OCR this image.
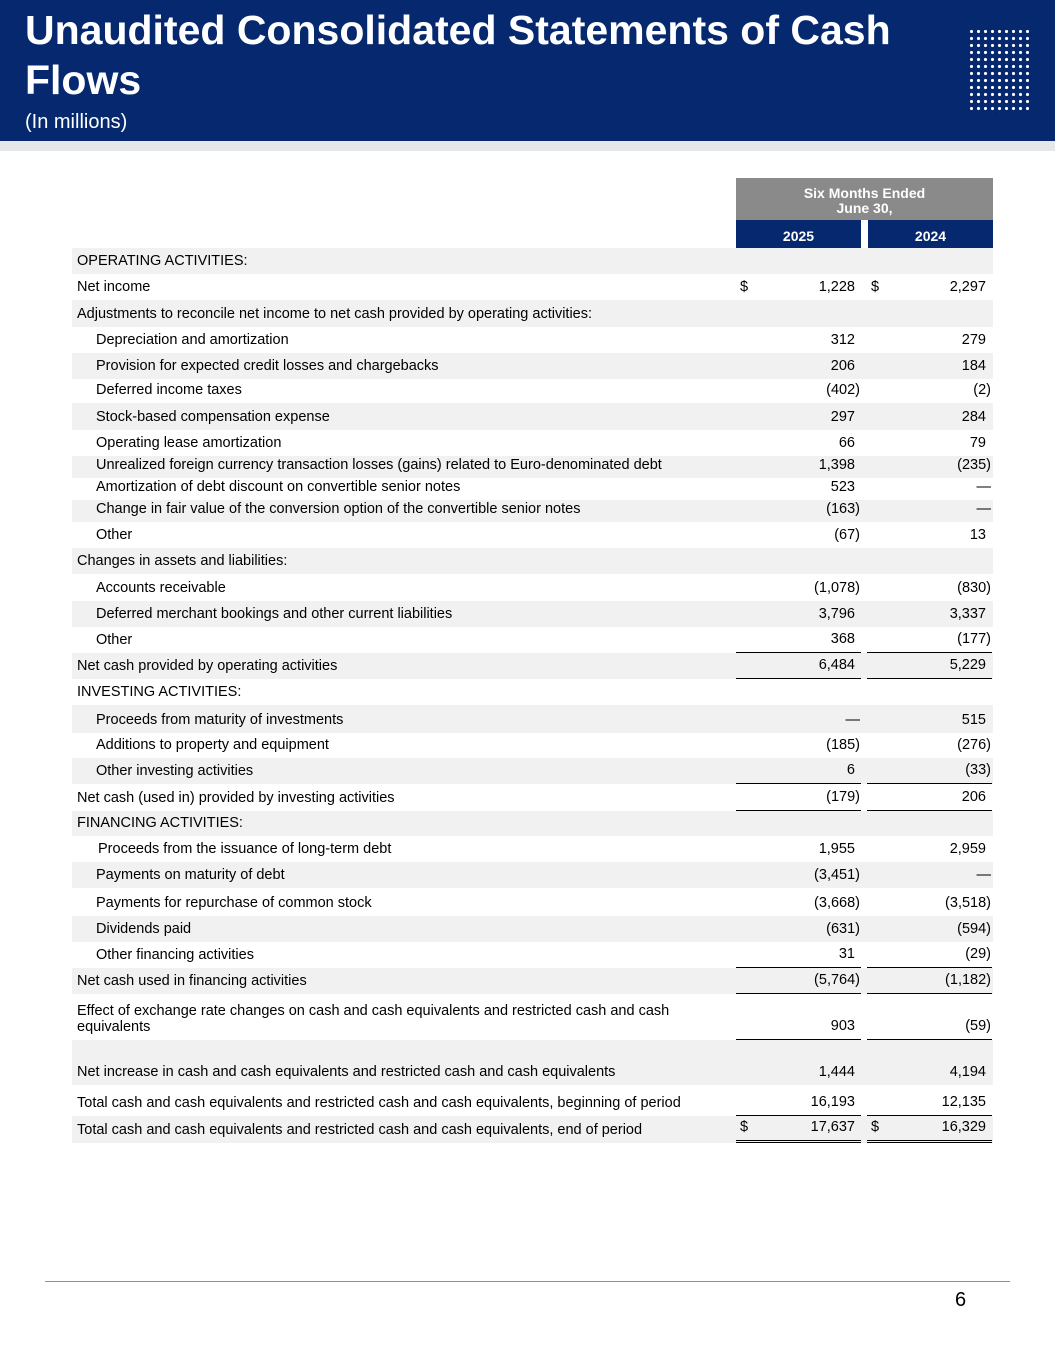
Unaudited Consolidated Statements of Cash Flows
(In millions)
Six Months Ended
June 30,
2025	2024
OPERATING ACTIVITIES:
Net income	$	1,228 $	2,297
Adjustments to reconcile net income to net cash provided by operating activities:
Depreciation and amortization	312	279
Provision for expected credit losses and chargebacks	206	184
Deferred income taxes	(402)	(2)
Stock-based compensation expense	297	284
Operating lease amortization	66	79
Unrealized foreign currency transaction losses (gains) related to Euro-denominated debt	1,398	(235)
Amortization of debt discount on convertible senior notes	523	—
Change in fair value of the conversion option of the convertible senior notes	(163)	—
Other	(67)	13
Changes in assets and liabilities:
Accounts receivable	(1,078)	(830)
Deferred merchant bookings and other current liabilities	3,796	3,337
Other	368	(177)
Net cash provided by operating activities	6,484	5,229
INVESTING ACTIVITIES:
Proceeds from maturity of investments	—	515
Additions to property and equipment	(185)	(276)
Other investing activities	6	(33)
Net cash (used in) provided by investing activities	(179)	206
FINANCING ACTIVITIES:
Proceeds from the issuance of long-term debt	1,955	2,959
Payments on maturity of debt	(3,451)	—
Payments for repurchase of common stock	(3,668)	(3,518)
Dividends paid	(631)	(594)
Other financing activities	31	(29)
Net cash used in financing activities	(5,764)	(1,182)
Effect of exchange rate changes on cash and cash equivalents and restricted cash and cash
equivalents	903	(59)
Net increase in cash and cash equivalents and restricted cash and cash equivalents	1,444	4,194
Total cash and cash equivalents and restricted cash and cash equivalents, beginning of period	16,193	12,135
Total cash and cash equivalents and restricted cash and cash equivalents, end of period	$	17,637 $	16,329
6
